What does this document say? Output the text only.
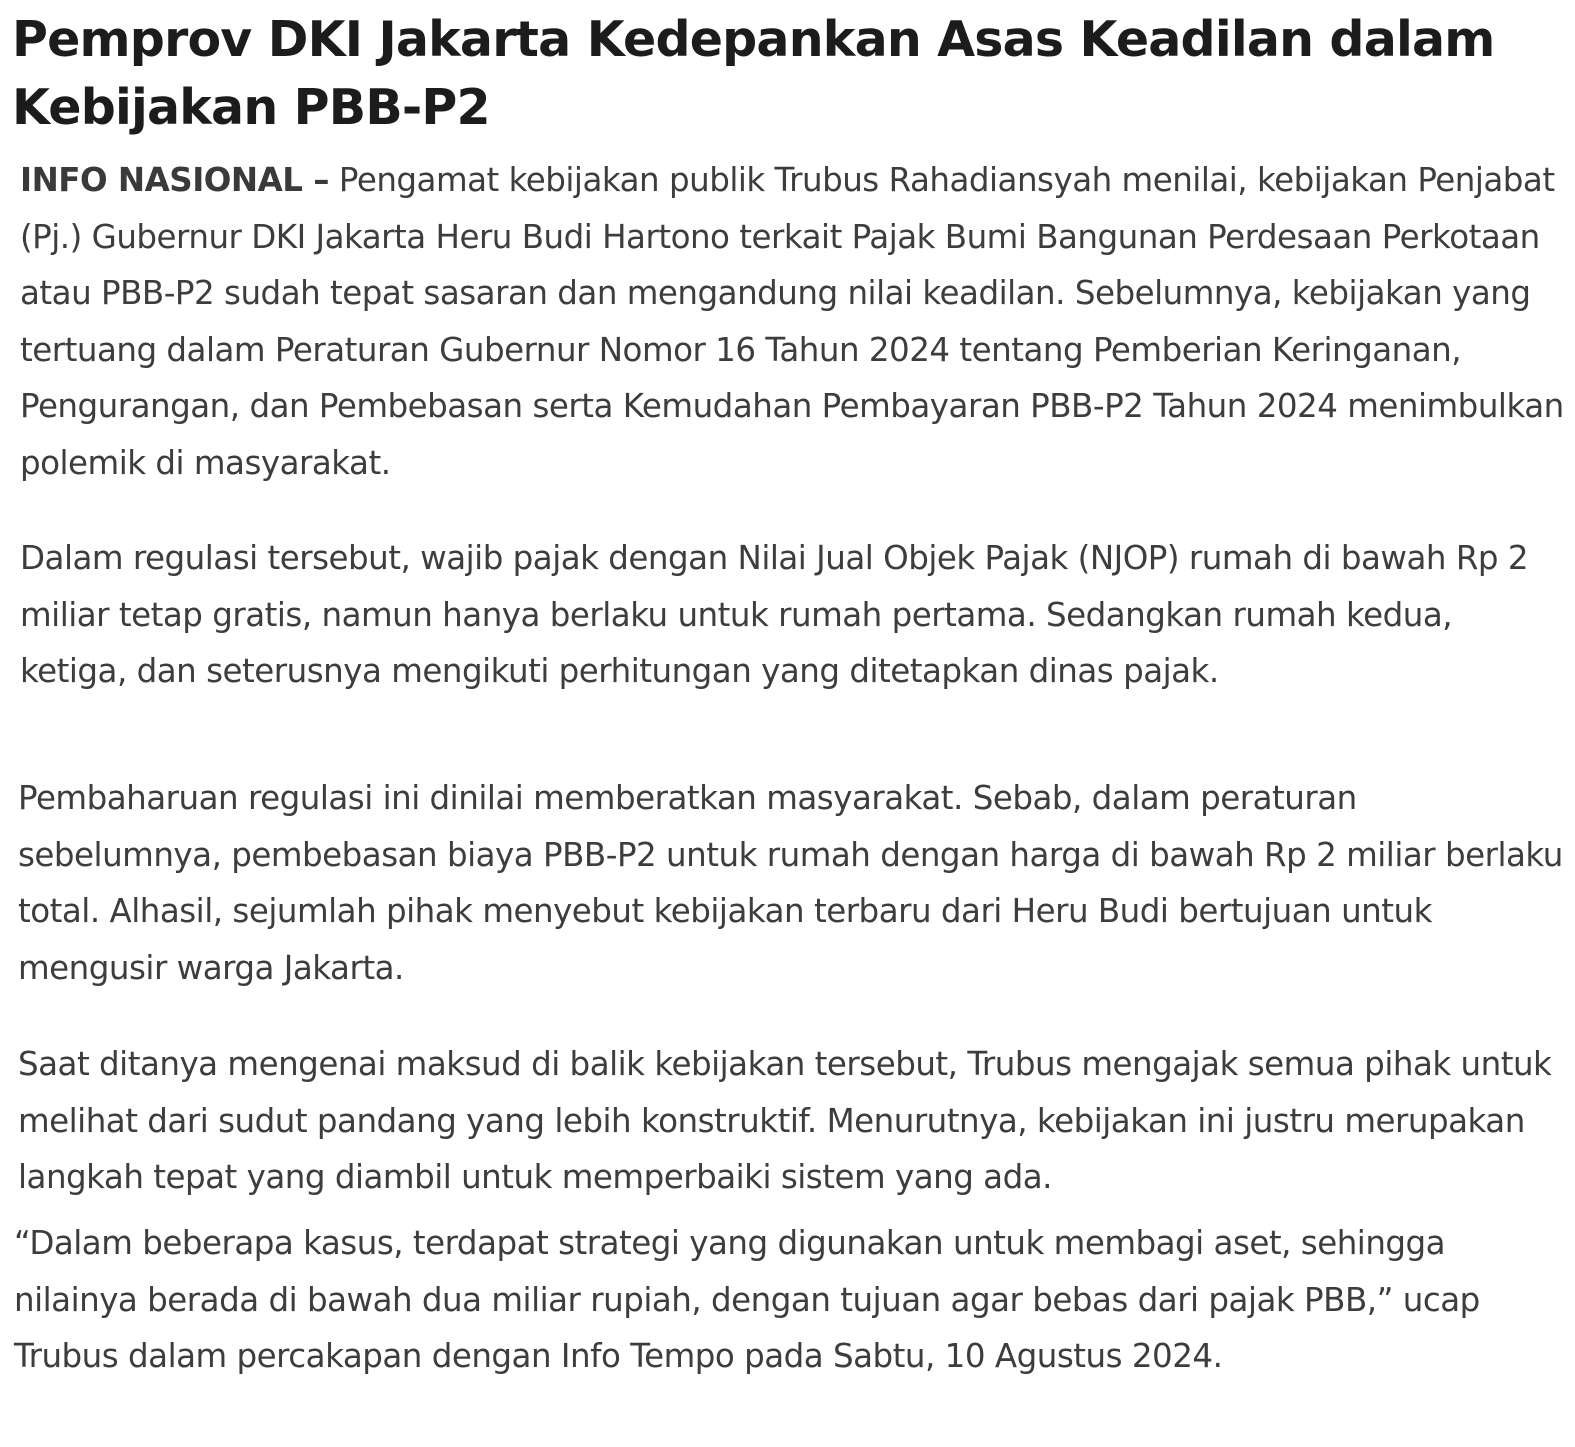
Pemprov DKI Jakarta Kedepankan Asas Keadilan dalam Kebijakan PBB-P2

INFO NASIONAL – Pengamat kebijakan publik Trubus Rahadiansyah menilai, kebijakan Penjabat (Pj.) Gubernur DKI Jakarta Heru Budi Hartono terkait Pajak Bumi Bangunan Perdesaan Perkotaan atau PBB-P2 sudah tepat sasaran dan mengandung nilai keadilan. Sebelumnya, kebijakan yang tertuang dalam Peraturan Gubernur Nomor 16 Tahun 2024 tentang Pemberian Keringanan, Pengurangan, dan Pembebasan serta Kemudahan Pembayaran PBB-P2 Tahun 2024 menimbulkan polemik di masyarakat.

Dalam regulasi tersebut, wajib pajak dengan Nilai Jual Objek Pajak (NJOP) rumah di bawah Rp 2 miliar tetap gratis, namun hanya berlaku untuk rumah pertama. Sedangkan rumah kedua, ketiga, dan seterusnya mengikuti perhitungan yang ditetapkan dinas pajak.

Pembaharuan regulasi ini dinilai memberatkan masyarakat. Sebab, dalam peraturan sebelumnya, pembebasan biaya PBB-P2 untuk rumah dengan harga di bawah Rp 2 miliar berlaku total. Alhasil, sejumlah pihak menyebut kebijakan terbaru dari Heru Budi bertujuan untuk mengusir warga Jakarta.

Saat ditanya mengenai maksud di balik kebijakan tersebut, Trubus mengajak semua pihak untuk melihat dari sudut pandang yang lebih konstruktif. Menurutnya, kebijakan ini justru merupakan langkah tepat yang diambil untuk memperbaiki sistem yang ada.

“Dalam beberapa kasus, terdapat strategi yang digunakan untuk membagi aset, sehingga nilainya berada di bawah dua miliar rupiah, dengan tujuan agar bebas dari pajak PBB,” ucap Trubus dalam percakapan dengan Info Tempo pada Sabtu, 10 Agustus 2024.
